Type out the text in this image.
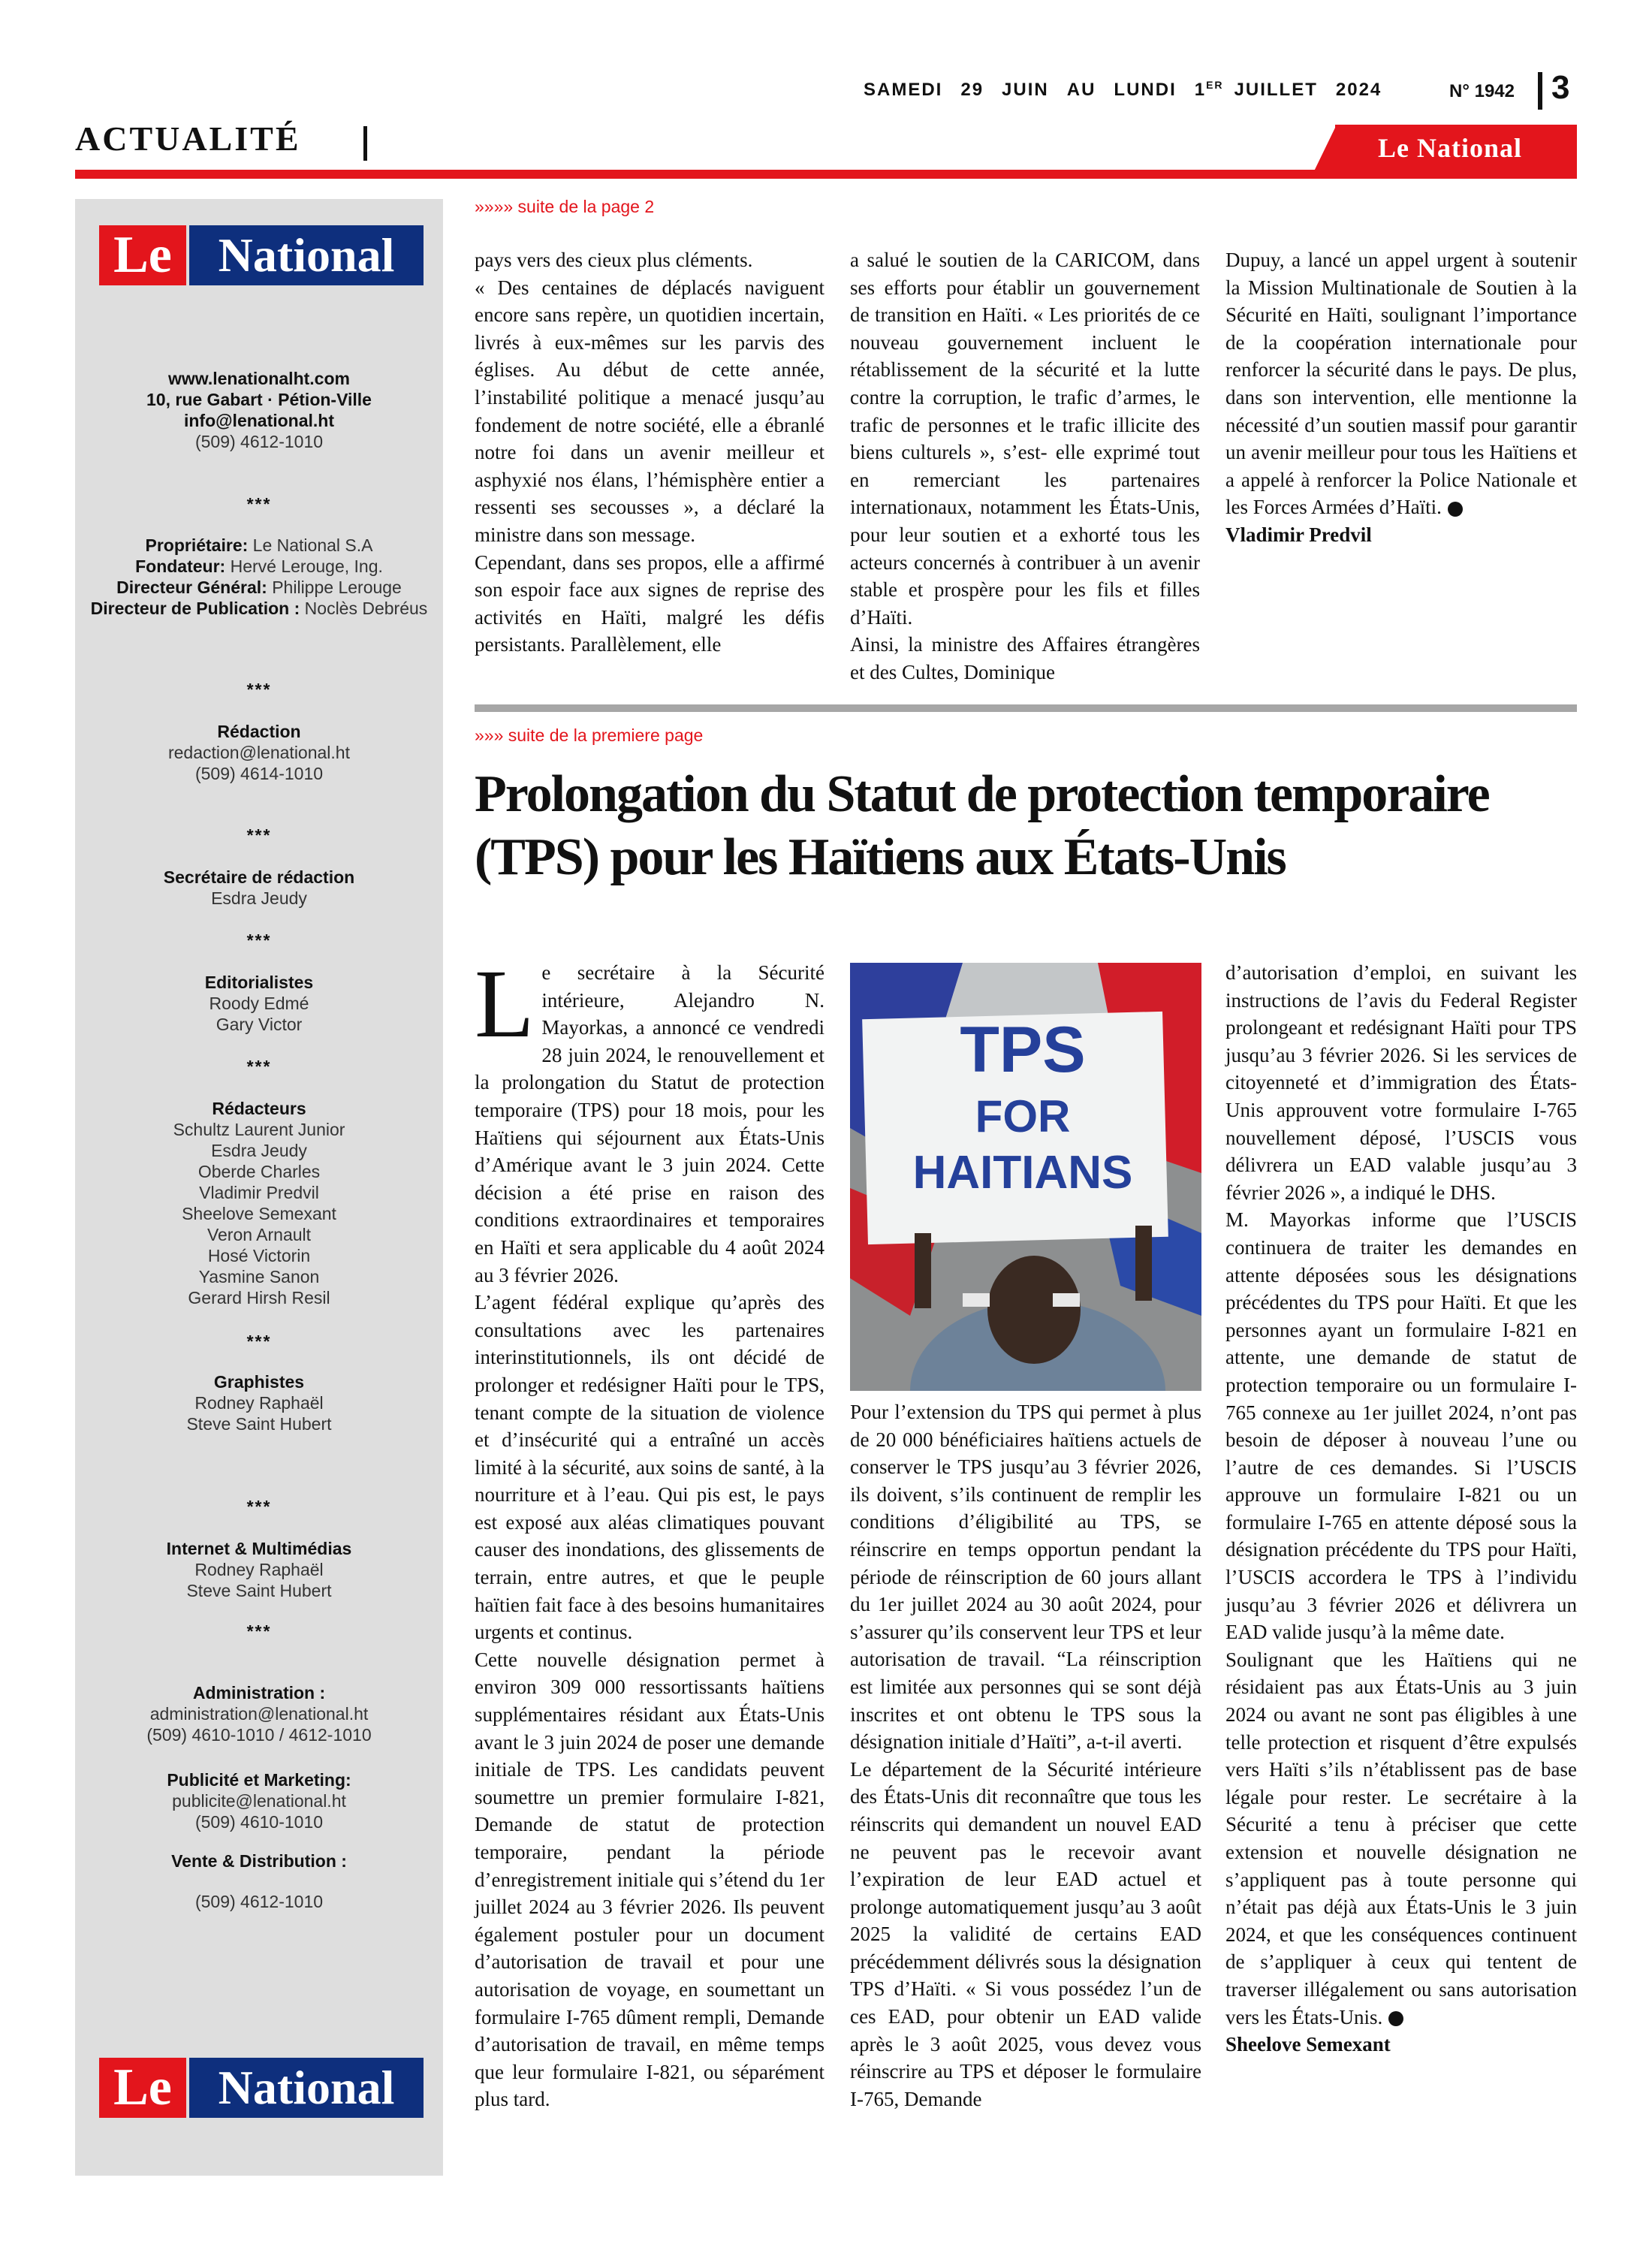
SAMEDI 29 JUIN AU LUNDI 1ER JUILLET 2024	N° 1942 3
ACTUALITÉ	Le National
Le National
www.lenationalht.com
10, rue Gabart · Pétion-Ville
info@lenational.ht
(509) 4612-1010
***
Propriétaire: Le National S.A
Fondateur: Hervé Lerouge, Ing.
Directeur Général: Philippe Lerouge
Directeur de Publication : Noclès Debréus
***
Rédaction
redaction@lenational.ht
(509) 4614-1010
***
Secrétaire de rédaction
Esdra Jeudy
***
Editorialistes
Roody Edmé
Gary Victor
***
Rédacteurs
Schultz Laurent Junior
Esdra Jeudy
Oberde Charles
Vladimir Predvil
Sheelove Semexant
Veron Arnault
Hosé Victorin
Yasmine Sanon
Gerard Hirsh Resil
***
Graphistes
Rodney Raphaël
Steve Saint Hubert
***
Internet & Multimédias
Rodney Raphaël
Steve Saint Hubert
***
Administration :
administration@lenational.ht
(509) 4610-1010 / 4612-1010
Publicité et Marketing:
publicite@lenational.ht
(509) 4610-1010
Vente & Distribution :
(509) 4612-1010
Le National
»»»» suite de la page 2

pays vers des cieux plus cléments.

« Des centaines de déplacés naviguent encore sans repère, un quotidien incertain, livrés à eux-mêmes sur les parvis des églises. Au début de cette année, l’instabilité politique a menacé jusqu’au fondement de notre société, elle a ébranlé notre foi dans un avenir meilleur et asphyxié nos élans, l’hémisphère entier a ressenti ses secousses », a déclaré la ministre dans son message.

Cependant, dans ses propos, elle a affirmé son espoir face aux signes de reprise des activités en Haïti, malgré les défis persistants. Parallèlement, elle

a salué le soutien de la CARICOM, dans ses efforts pour établir un gouvernement de transition en Haïti. « Les priorités de ce nouveau gouvernement incluent le rétablissement de la sécurité et la lutte contre la corruption, le trafic d’armes, le trafic de personnes et le trafic illicite des biens culturels », s’est- elle exprimé tout en remerciant les partenaires internationaux, notamment les États-Unis, pour leur soutien et a exhorté tous les acteurs concernés à contribuer à un avenir stable et prospère pour les fils et filles d’Haïti.

Ainsi, la ministre des Affaires étrangères et des Cultes, Dominique

Dupuy, a lancé un appel urgent à soutenir la Mission Multinationale de Soutien à la Sécurité en Haïti, soulignant l’importance de la coopération internationale pour renforcer la sécurité dans le pays. De plus, dans son intervention, elle mentionne la nécessité d’un soutien massif pour garantir un avenir meilleur pour tous les Haïtiens et a appelé à renforcer la Police Nationale et les Forces Armées d’Haïti.

Vladimir Predvil

»»» suite de la premiere page
Prolongation du Statut de protection temporaire (TPS) pour les Haïtiens aux États-Unis

Le secrétaire à la Sécurité intérieure, Alejandro N. Mayorkas, a annoncé ce vendredi 28 juin 2024, le renouvellement et la prolongation du Statut de protection temporaire (TPS) pour 18 mois, pour les Haïtiens qui séjournent aux États-Unis d’Amérique avant le 3 juin 2024. Cette décision a été prise en raison des conditions extraordinaires et temporaires en Haïti et sera applicable du 4 août 2024 au 3 février 2026.

L’agent fédéral explique qu’après des consultations avec les partenaires interinstitutionnels, ils ont décidé de prolonger et redésigner Haïti pour le TPS, tenant compte de la situation de violence et d’insécurité qui a entraîné un accès limité à la sécurité, aux soins de santé, à la nourriture et à l’eau. Qui pis est, le pays est exposé aux aléas climatiques pouvant causer des inondations, des glissements de terrain, entre autres, et que le peuple haïtien fait face à des besoins humanitaires urgents et continus.

Cette nouvelle désignation permet à environ 309 000 ressortissants haïtiens supplémentaires résidant aux États-Unis avant le 3 juin 2024 de poser une demande initiale de TPS. Les candidats peuvent soumettre un premier formulaire I-821, Demande de statut de protection temporaire, pendant la période d’enregistrement initiale qui s’étend du 1er juillet 2024 au 3 février 2026. Ils peuvent également postuler pour un document d’autorisation de travail et pour une autorisation de voyage, en soumettant un formulaire I-765 dûment rempli, Demande d’autorisation de travail, en même temps que leur formulaire I-821, ou séparément plus tard.

TPS
FOR
HAITIANS

Pour l’extension du TPS qui permet à plus de 20 000 bénéficiaires haïtiens actuels de conserver le TPS jusqu’au 3 février 2026, ils doivent, s’ils continuent de remplir les conditions d’éligibilité au TPS, se réinscrire en temps opportun pendant la période de réinscription de 60 jours allant du 1er juillet 2024 au 30 août 2024, pour s’assurer qu’ils conservent leur TPS et leur autorisation de travail. “La réinscription est limitée aux personnes qui se sont déjà inscrites et ont obtenu le TPS sous la désignation initiale d’Haïti”, a-t-il averti.

Le département de la Sécurité intérieure des États-Unis dit reconnaître que tous les réinscrits qui demandent un nouvel EAD ne peuvent pas le recevoir avant l’expiration de leur EAD actuel et prolonge automatiquement jusqu’au 3 août 2025 la validité de certains EAD précédemment délivrés sous la désignation TPS d’Haïti. « Si vous possédez l’un de ces EAD, pour obtenir un EAD valide après le 3 août 2025, vous devez vous réinscrire au TPS et déposer le formulaire I-765, Demande

d’autorisation d’emploi, en suivant les instructions de l’avis du Federal Register prolongeant et redésignant Haïti pour TPS jusqu’au 3 février 2026. Si les services de citoyenneté et d’immigration des États-Unis approuvent votre formulaire I-765 nouvellement déposé, l’USCIS vous délivrera un EAD valable jusqu’au 3 février 2026 », a indiqué le DHS.

M. Mayorkas informe que l’USCIS continuera de traiter les demandes en attente déposées sous les désignations précédentes du TPS pour Haïti. Et que les personnes ayant un formulaire I-821 en attente, une demande de statut de protection temporaire ou un formulaire I-765 connexe au 1er juillet 2024, n’ont pas besoin de déposer à nouveau l’une ou l’autre de ces demandes. Si l’USCIS approuve un formulaire I-821 ou un formulaire I-765 en attente déposé sous la désignation précédente du TPS pour Haïti, l’USCIS accordera le TPS à l’individu jusqu’au 3 février 2026 et délivrera un EAD valide jusqu’à la même date.

Soulignant que les Haïtiens qui ne résidaient pas aux États-Unis au 3 juin 2024 ou avant ne sont pas éligibles à une telle protection et risquent d’être expulsés vers Haïti s’ils n’établissent pas de base légale pour rester. Le secrétaire à la Sécurité a tenu à préciser que cette extension et nouvelle désignation ne s’appliquent pas à toute personne qui n’était pas déjà aux États-Unis le 3 juin 2024, et que les conséquences continuent de s’appliquer à ceux qui tentent de traverser illégalement ou sans autorisation vers les États-Unis.

Sheelove Semexant
